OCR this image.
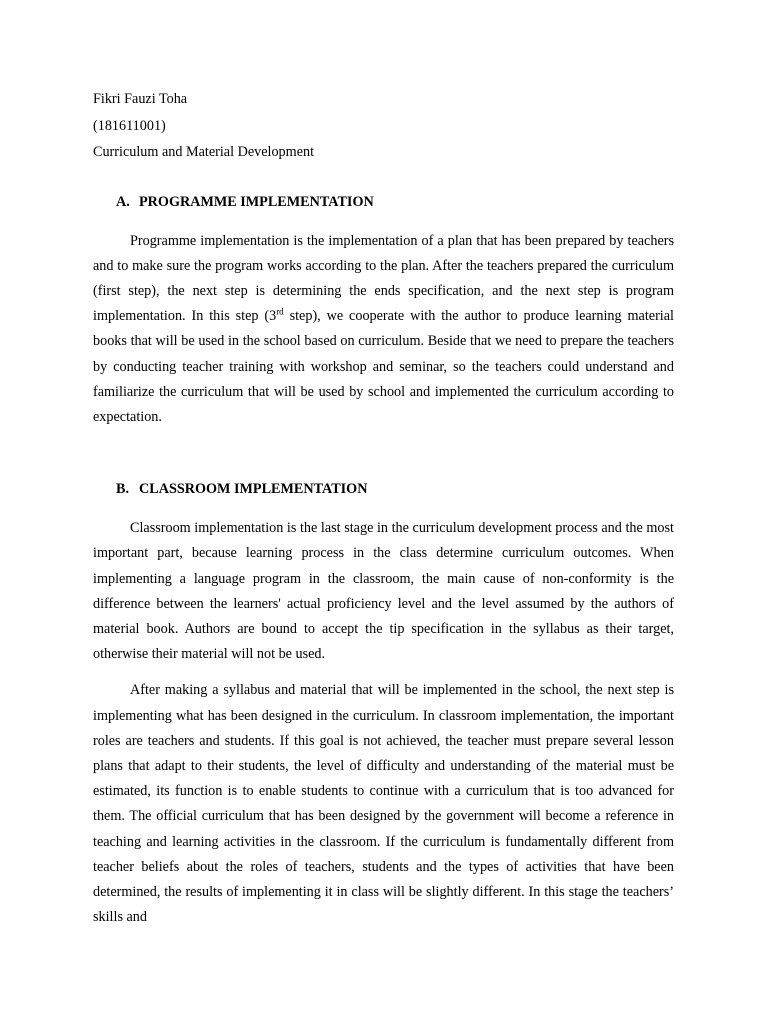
Fikri Fauzi Toha

(181611001)

Curriculum and Material Development

A. PROGRAMME IMPLEMENTATION

Programme implementation is the implementation of a plan that has been prepared by teachers and to make sure the program works according to the plan. After the teachers prepared the curriculum (first step), the next step is determining the ends specification, and the next step is program implementation. In this step (3rd step), we cooperate with the author to produce learning material books that will be used in the school based on curriculum. Beside that we need to prepare the teachers by conducting teacher training with workshop and seminar, so the teachers could understand and familiarize the curriculum that will be used by school and implemented the curriculum according to expectation.

B. CLASSROOM IMPLEMENTATION

Classroom implementation is the last stage in the curriculum development process and the most important part, because learning process in the class determine curriculum outcomes. When implementing a language program in the classroom, the main cause of non-conformity is the difference between the learners' actual proficiency level and the level assumed by the authors of material book. Authors are bound to accept the tip specification in the syllabus as their target, otherwise their material will not be used.

After making a syllabus and material that will be implemented in the school, the next step is implementing what has been designed in the curriculum. In classroom implementation, the important roles are teachers and students. If this goal is not achieved, the teacher must prepare several lesson plans that adapt to their students, the level of difficulty and understanding of the material must be estimated, its function is to enable students to continue with a curriculum that is too advanced for them. The official curriculum that has been designed by the government will become a reference in teaching and learning activities in the classroom. If the curriculum is fundamentally different from teacher beliefs about the roles of teachers, students and the types of activities that have been determined, the results of implementing it in class will be slightly different. In this stage the teachers’ skills and
